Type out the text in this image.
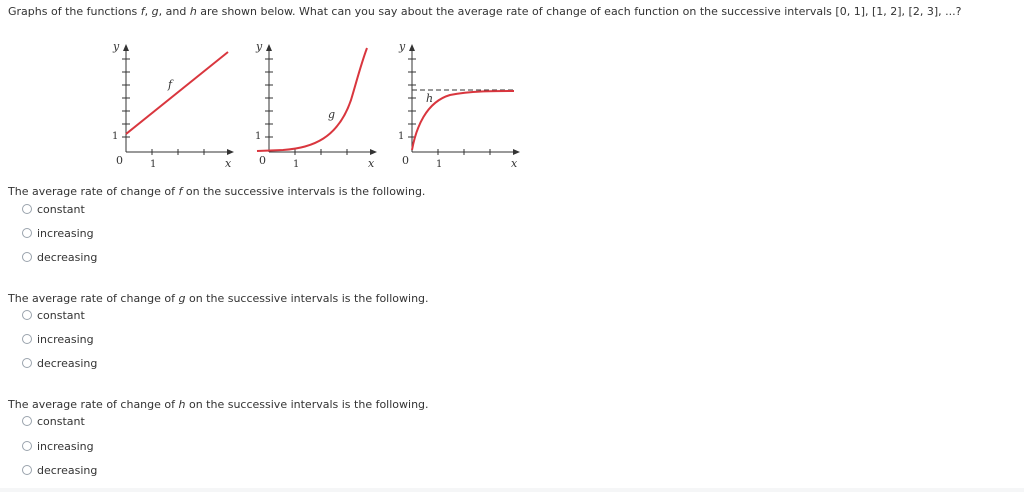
Graphs of the functions f, g, and h are shown below. What can you say about the average rate of change of each function on the successive intervals [0, 1], [1, 2], [2, 3], ...?
y
x
f
1
1
0
y
x
g
1
1
0
y
x
h
1
1
0
The average rate of change of f on the successive intervals is the following.
constant
increasing
decreasing
The average rate of change of g on the successive intervals is the following.
constant
increasing
decreasing
The average rate of change of h on the successive intervals is the following.
constant
increasing
decreasing
